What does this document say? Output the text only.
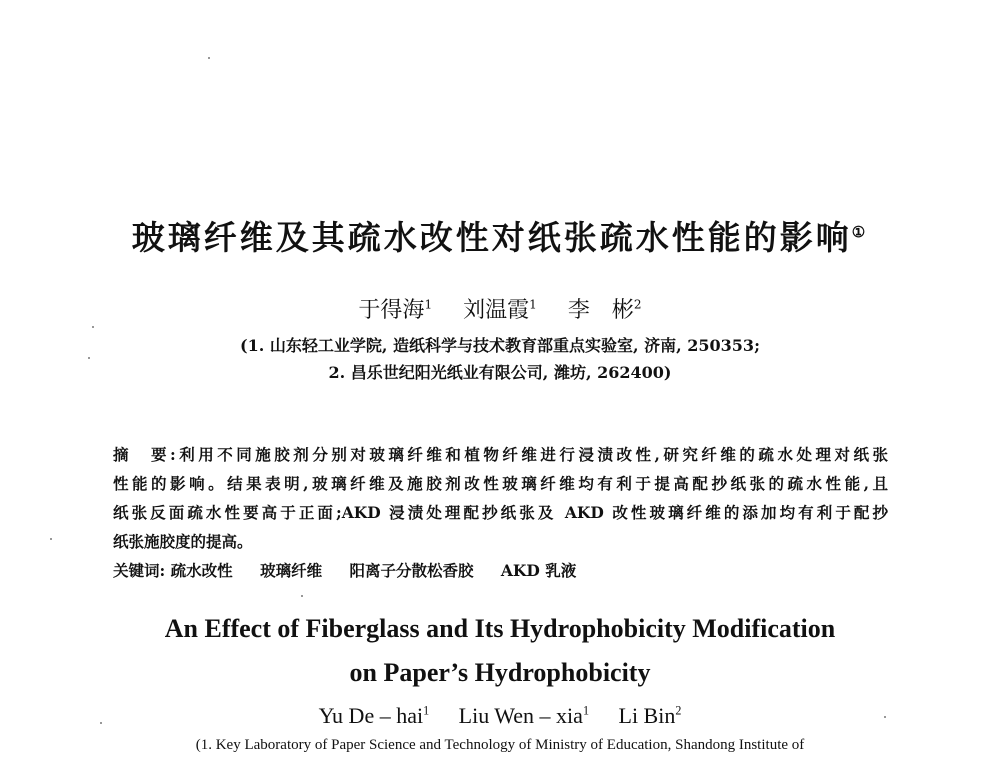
玻璃纤维及其疏水改性对纸张疏水性能的影响①
于得海$^1$ 刘温霞$^1$ 李　彬$^2$
(1. 山东轻工业学院, 造纸科学与技术教育部重点实验室, 济南, 250353;
2. 昌乐世纪阳光纸业有限公司, 潍坊, 262400)
摘　要:利用不同施胶剂分别对玻璃纤维和植物纤维进行浸渍改性,研究纤维的疏水处理对纸张
性能的影响。结果表明,玻璃纤维及施胶剂改性玻璃纤维均有利于提高配抄纸张的疏水性能,且
纸张反面疏水性要高于正面;AKD 浸渍处理配抄纸张及 AKD 改性玻璃纤维的添加均有利于配抄
纸张施胶度的提高。
关键词: 疏水改性 玻璃纤维 阳离子分散松香胶 AKD 乳液
An Effect of Fiberglass and Its Hydrophobicity Modification
on Paper’s Hydrophobicity
Yu De – hai$^1$ Liu Wen – xia$^1$ Li Bin$^2$
(1. Key Laboratory of Paper Science and Technology of Ministry of Education, Shandong Institute of
